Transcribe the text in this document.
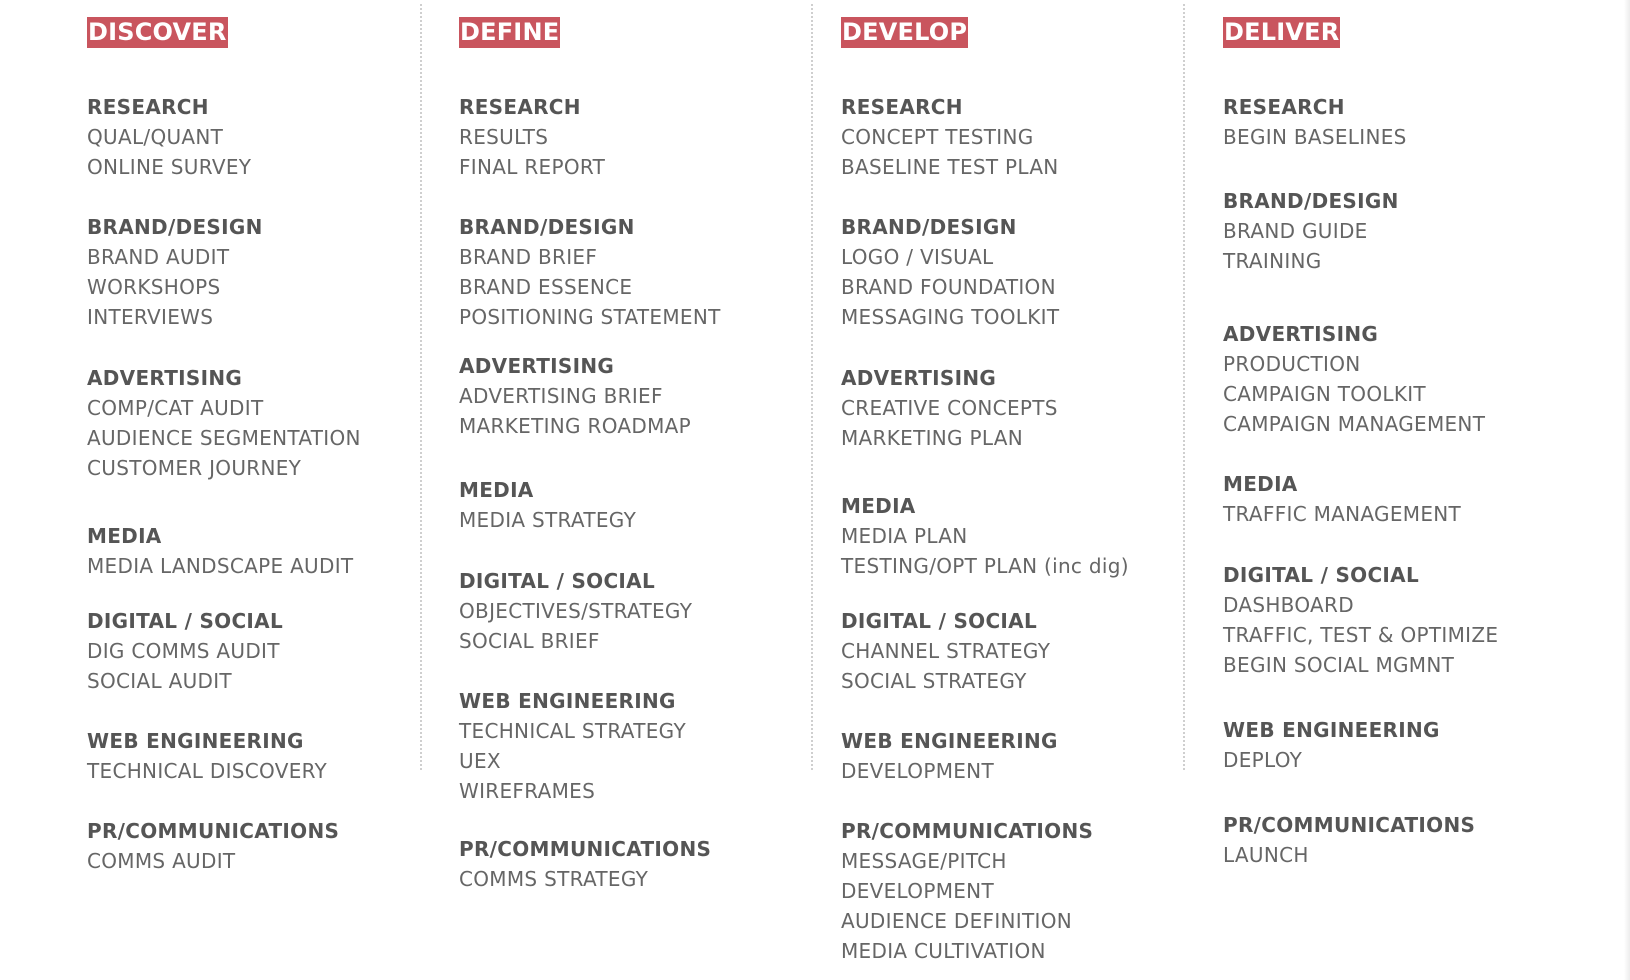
DISCOVER
RESEARCH
QUAL/QUANT
ONLINE SURVEY
BRAND/DESIGN
BRAND AUDIT
WORKSHOPS
INTERVIEWS
ADVERTISING
COMP/CAT AUDIT
AUDIENCE SEGMENTATION
CUSTOMER JOURNEY
MEDIA
MEDIA LANDSCAPE AUDIT
DIGITAL / SOCIAL
DIG COMMS AUDIT
SOCIAL AUDIT
WEB ENGINEERING
TECHNICAL DISCOVERY
PR/COMMUNICATIONS
COMMS AUDIT
DEFINE
RESEARCH
RESULTS
FINAL REPORT
BRAND/DESIGN
BRAND BRIEF
BRAND ESSENCE
POSITIONING STATEMENT
ADVERTISING
ADVERTISING BRIEF
MARKETING ROADMAP
MEDIA
MEDIA STRATEGY
DIGITAL / SOCIAL
OBJECTIVES/STRATEGY
SOCIAL BRIEF
WEB ENGINEERING
TECHNICAL STRATEGY
UEX
WIREFRAMES
PR/COMMUNICATIONS
COMMS STRATEGY
DEVELOP
RESEARCH
CONCEPT TESTING
BASELINE TEST PLAN
BRAND/DESIGN
LOGO / VISUAL
BRAND FOUNDATION
MESSAGING TOOLKIT
ADVERTISING
CREATIVE CONCEPTS
MARKETING PLAN
MEDIA
MEDIA PLAN
TESTING/OPT PLAN (inc dig)
DIGITAL / SOCIAL
CHANNEL STRATEGY
SOCIAL STRATEGY
WEB ENGINEERING
DEVELOPMENT
PR/COMMUNICATIONS
MESSAGE/PITCH
DEVELOPMENT
AUDIENCE DEFINITION
MEDIA CULTIVATION
DELIVER
RESEARCH
BEGIN BASELINES
BRAND/DESIGN
BRAND GUIDE
TRAINING
ADVERTISING
PRODUCTION
CAMPAIGN TOOLKIT
CAMPAIGN MANAGEMENT
MEDIA
TRAFFIC MANAGEMENT
DIGITAL / SOCIAL
DASHBOARD
TRAFFIC, TEST & OPTIMIZE
BEGIN SOCIAL MGMNT
WEB ENGINEERING
DEPLOY
PR/COMMUNICATIONS
LAUNCH
